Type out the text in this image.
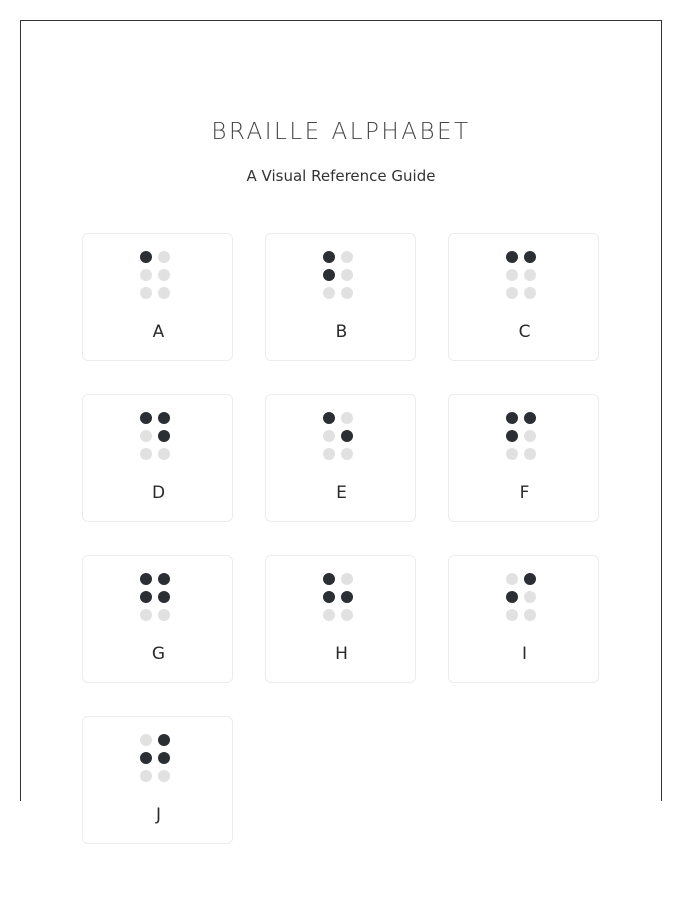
BRAILLE ALPHABET

A Visual Reference Guide

A	B	C
D	E	F
G	H	I
J
